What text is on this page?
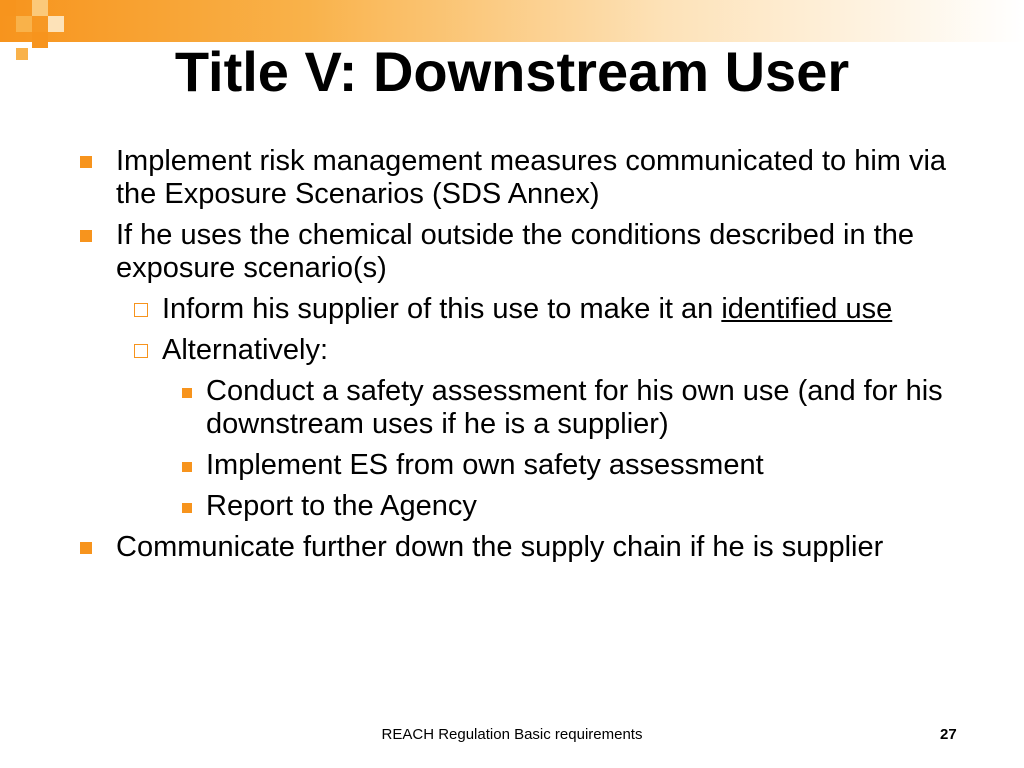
Title V: Downstream User
Implement risk management measures communicated to him via the Exposure Scenarios (SDS Annex)
If he uses the chemical outside the conditions described in the exposure scenario(s)
Inform his supplier of this use to make it an identified use
Alternatively:
Conduct a safety assessment for his own use (and for his downstream uses if he is a supplier)
Implement ES from own safety assessment
Report to the Agency
Communicate further down the supply chain if he is supplier
REACH Regulation Basic requirements	27
